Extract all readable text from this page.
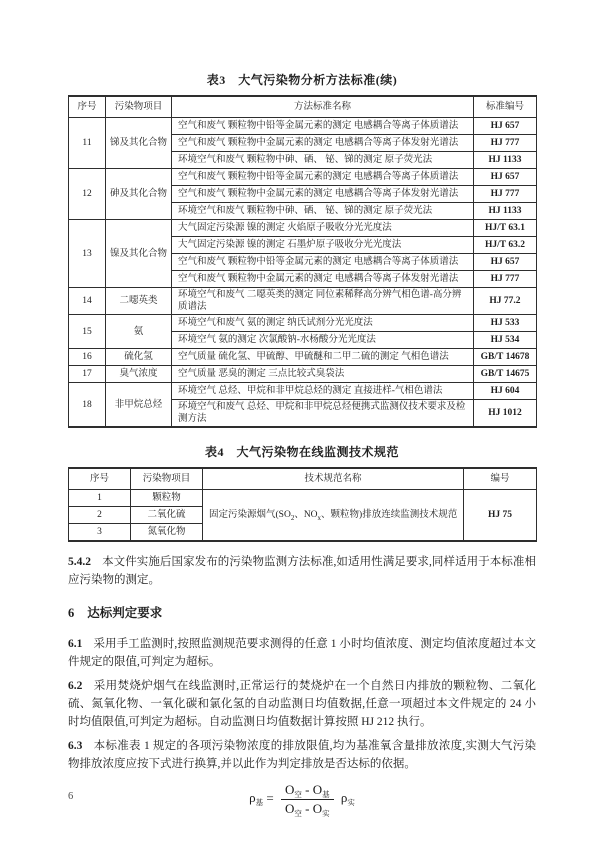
表3　大气污染物分析方法标准(续)
序号	污染物项目	方法标准名称	标准编号
11	锑及其化合物	空气和废气 颗粒物中铅等金属元素的测定 电感耦合等离子体质谱法	HJ 657
		空气和废气 颗粒物中金属元素的测定 电感耦合等离子体发射光谱法	HJ 777
		环境空气和废气 颗粒物中砷、硒、 铋、锑的测定 原子荧光法	HJ 1133
12	砷及其化合物	空气和废气 颗粒物中铅等金属元素的测定 电感耦合等离子体质谱法	HJ 657
		空气和废气 颗粒物中金属元素的测定 电感耦合等离子体发射光谱法	HJ 777
		环境空气和废气 颗粒物中砷、硒、 铋、锑的测定 原子荧光法	HJ 1133
13	镍及其化合物	大气固定污染源 镍的测定 火焰原子吸收分光光度法	HJ/T 63.1
		大气固定污染源 镍的测定 石墨炉原子吸收分光光度法	HJ/T 63.2
		空气和废气 颗粒物中铅等金属元素的测定 电感耦合等离子体质谱法	HJ 657
		空气和废气 颗粒物中金属元素的测定 电感耦合等离子体发射光谱法	HJ 777
14	二噁英类	环境空气和废气 二噁英类的测定 同位素稀释高分辨气相色谱-高分辨质谱法	HJ 77.2
15	氨	环境空气和废气 氨的测定 纳氏试剂分光光度法	HJ 533
		环境空气 氨的测定 次氯酸钠-水杨酸分光光度法	HJ 534
16	硫化氢	空气质量 硫化氢、甲硫醇、甲硫醚和二甲二硫的测定 气相色谱法	GB/T 14678
17	臭气浓度	空气质量 恶臭的测定 三点比较式臭袋法	GB/T 14675
18	非甲烷总烃	环境空气 总烃、甲烷和非甲烷总烃的测定 直接进样-气相色谱法	HJ 604
		环境空气和废气 总烃、甲烷和非甲烷总烃便携式监测仪技术要求及检测方法	HJ 1012
表4　大气污染物在线监测技术规范
序号	污染物项目	技术规范名称	编号
1	颗粒物	固定污染源烟气($SO_2$、$NO_x$、颗粒物)排放连续监测技术规范	HJ 75
2	二氧化硫		
3	氮氧化物		

5.4.2 本文件实施后国家发布的污染物监测方法标准,如适用性满足要求,同样适用于本标准相应污染物的测定。

6 达标判定要求

6.1 采用手工监测时,按照监测规范要求测得的任意 1 小时均值浓度、测定均值浓度超过本文件规定的限值,可判定为超标。

6.2 采用焚烧炉烟气在线监测时,正常运行的焚烧炉在一个自然日内排放的颗粒物、二氧化硫、氮氧化物、一氧化碳和氯化氢的自动监测日均值数据,任意一项超过本文件规定的 24 小时均值限值,可判定为超标。自动监测日均值数据计算按照 HJ 212 执行。

6.3 本标准表 1 规定的各项污染物浓度的排放限值,均为基准氧含量排放浓度,实测大气污染物排放浓度应按下式进行换算,并以此作为判定排放是否达标的依据。

$\rho_基 = \frac{O_空 - O_基}{O_空 - O_实} \rho_实$
6
